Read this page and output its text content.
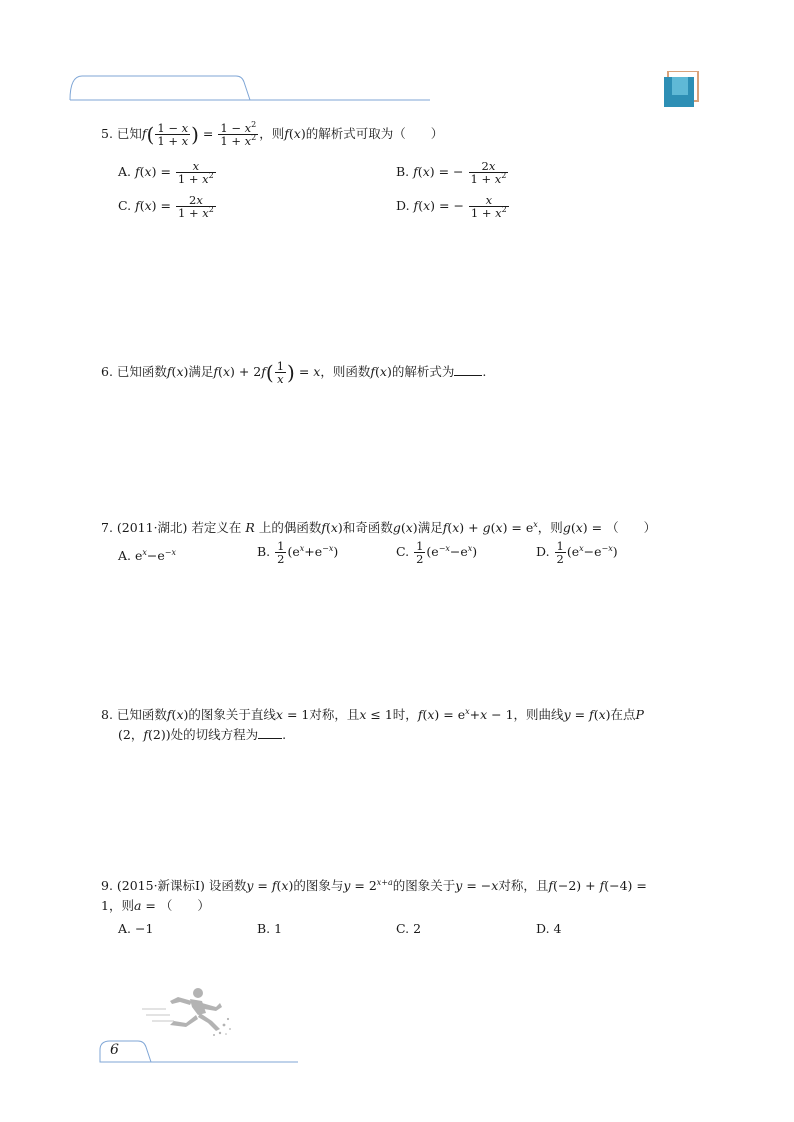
5. 已知$f( \frac{1 - x}{1 + x}$ ) = $\frac{1 - x^2}{1 + x^2}$ ，则f(x)的解析式可取为（　　）
A. $f(x) = \frac{x}{1 + x^2}$	B. f(x) = − $\frac{2x}{1 + x^2}$
C. $f(x) = \frac{2x}{1 + x^2}$	D. f(x) = − $\frac{x}{1 + x^2}$
6. 已知函数f(x)满足$f(x) + 2f( \frac{1}{x}$ ) = x，则函数f(x)的解析式为 .
7. (2011·湖北) 若定义在 R 上的偶函数f(x)和奇函数g(x)满足$f(x) + g(x) = e^x$，则g(x) = （　　）
A. $e^x-e^{-x}$	B. $\frac{1}{2} (e^x+e^{-x})$	C. $\frac{1}{2} (e^{-x}-e^x)$	D. $\frac{1}{2} (e^x-e^{-x})$
8. 已知函数f(x)的图象关于直线x = 1对称，且x ≤ 1时，$f(x) = e^x+x - 1$，则曲线y = f(x)在点P
(2，f(2))处的切线方程为 .
9. (2015·新课标Ⅰ) 设函数y = f(x)的图象与$y = 2^{x+a}$的图象关于y = −x对称，且f(−2) + f(−4) =
1，则a = （　　）
A. −1	B. 1	C. 2	D. 4
6
